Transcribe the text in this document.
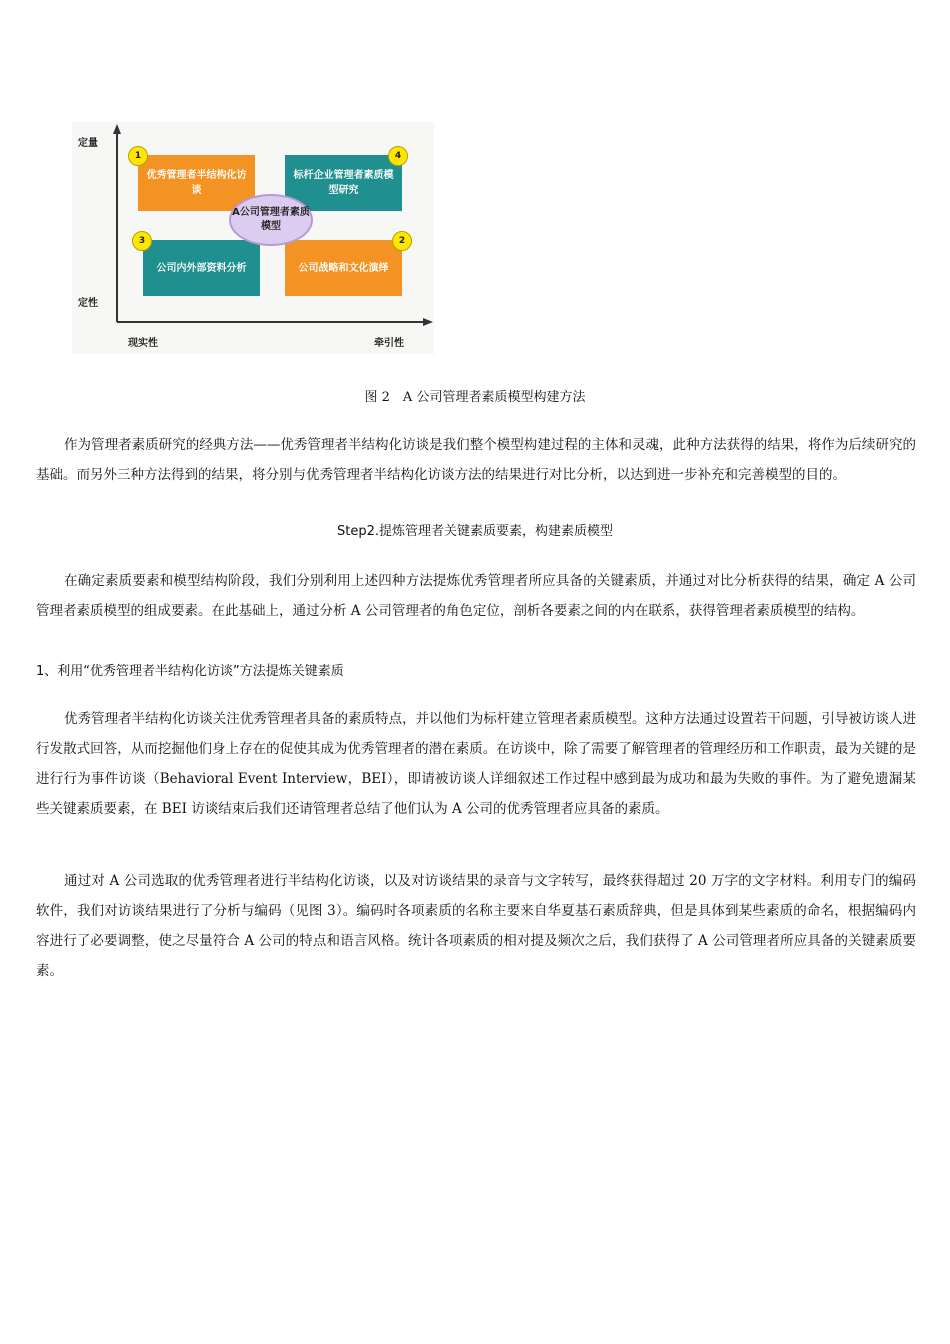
定量
定性
现实性	牵引性
优秀管理者半结构化访谈
标杆企业管理者素质模型研究
公司内外部资料分析	公司战略和文化演绎
1	4
3	2
A公司管理者素质模型
图 2　A 公司管理者素质模型构建方法
作为管理者素质研究的经典方法——优秀管理者半结构化访谈是我们整个模型构建过程的主体和灵魂，此种方法获得的结果，将作为后续研究的基础。而另外三种方法得到的结果，将分别与优秀管理者半结构化访谈方法的结果进行对比分析，以达到进一步补充和完善模型的目的。
Step2.提炼管理者关键素质要素，构建素质模型
在确定素质要素和模型结构阶段，我们分别利用上述四种方法提炼优秀管理者所应具备的关键素质，并通过对比分析获得的结果，确定 A 公司管理者素质模型的组成要素。在此基础上，通过分析 A 公司管理者的角色定位，剖析各要素之间的内在联系，获得管理者素质模型的结构。
1、利用“优秀管理者半结构化访谈”方法提炼关键素质
优秀管理者半结构化访谈关注优秀管理者具备的素质特点，并以他们为标杆建立管理者素质模型。这种方法通过设置若干问题，引导被访谈人进行发散式回答，从而挖掘他们身上存在的促使其成为优秀管理者的潜在素质。在访谈中，除了需要了解管理者的管理经历和工作职责，最为关键的是进行行为事件访谈（Behavioral Event Interview，BEI），即请被访谈人详细叙述工作过程中感到最为成功和最为失败的事件。为了避免遗漏某些关键素质要素，在 BEI 访谈结束后我们还请管理者总结了他们认为 A 公司的优秀管理者应具备的素质。
通过对 A 公司选取的优秀管理者进行半结构化访谈，以及对访谈结果的录音与文字转写，最终获得超过 20 万字的文字材料。利用专门的编码软件，我们对访谈结果进行了分析与编码（见图 3）。编码时各项素质的名称主要来自华夏基石素质辞典，但是具体到某些素质的命名，根据编码内容进行了必要调整，使之尽量符合 A 公司的特点和语言风格。统计各项素质的相对提及频次之后，我们获得了 A 公司管理者所应具备的关键素质要素。
